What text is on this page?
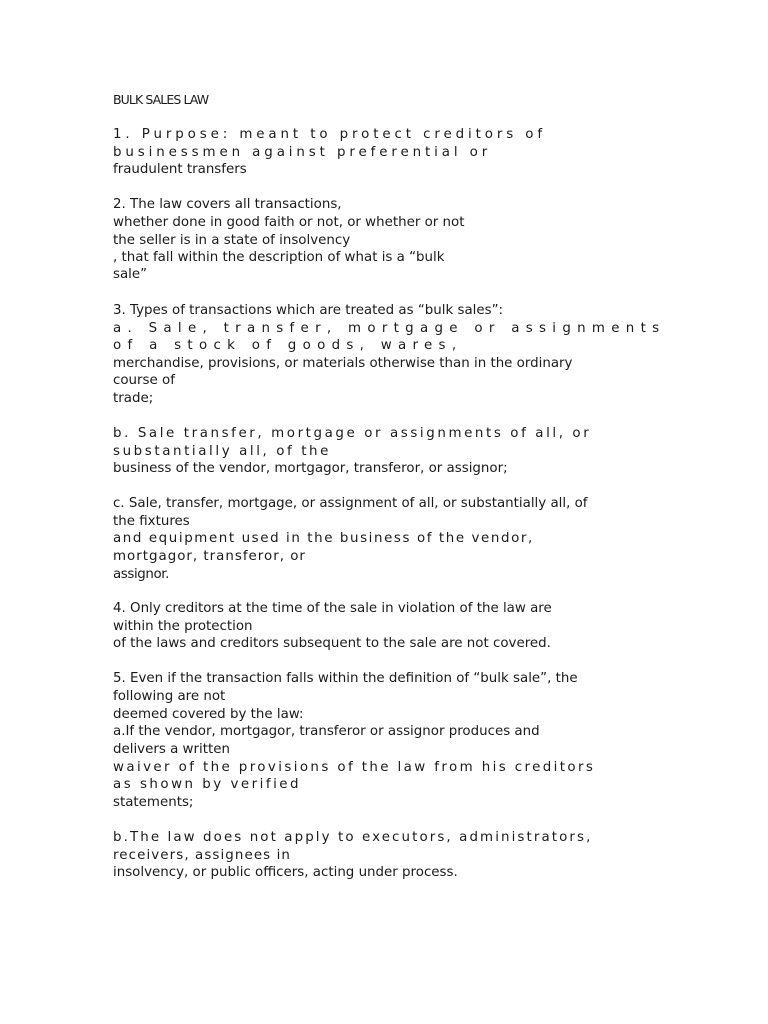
BULK SALES LAW

1. Purpose: meant to protect creditors of

businessmen against preferential or

fraudulent transfers

2. The law covers all transactions,

whether done in good faith or not, or whether or not

the seller is in a state of insolvency

, that fall within the description of what is a “bulk

sale”

3. Types of transactions which are treated as “bulk sales”:

a. Sale, transfer, mortgage or assignments

of a stock of goods, wares,

merchandise, provisions, or materials otherwise than in the ordinary

course of

trade;

b. Sale transfer, mortgage or assignments of all, or

substantially all, of the

business of the vendor, mortgagor, transferor, or assignor;

c. Sale, transfer, mortgage, or assignment of all, or substantially all, of

the fixtures

and equipment used in the business of the vendor,

mortgagor, transferor, or

assignor.

4. Only creditors at the time of the sale in violation of the law are

within the protection

of the laws and creditors subsequent to the sale are not covered.

5. Even if the transaction falls within the definition of “bulk sale”, the

following are not

deemed covered by the law:

a.If the vendor, mortgagor, transferor or assignor produces and

delivers a written

waiver of the provisions of the law from his creditors

as shown by verified

statements;

b.The law does not apply to executors, administrators,

receivers, assignees in

insolvency, or public officers, acting under process.
